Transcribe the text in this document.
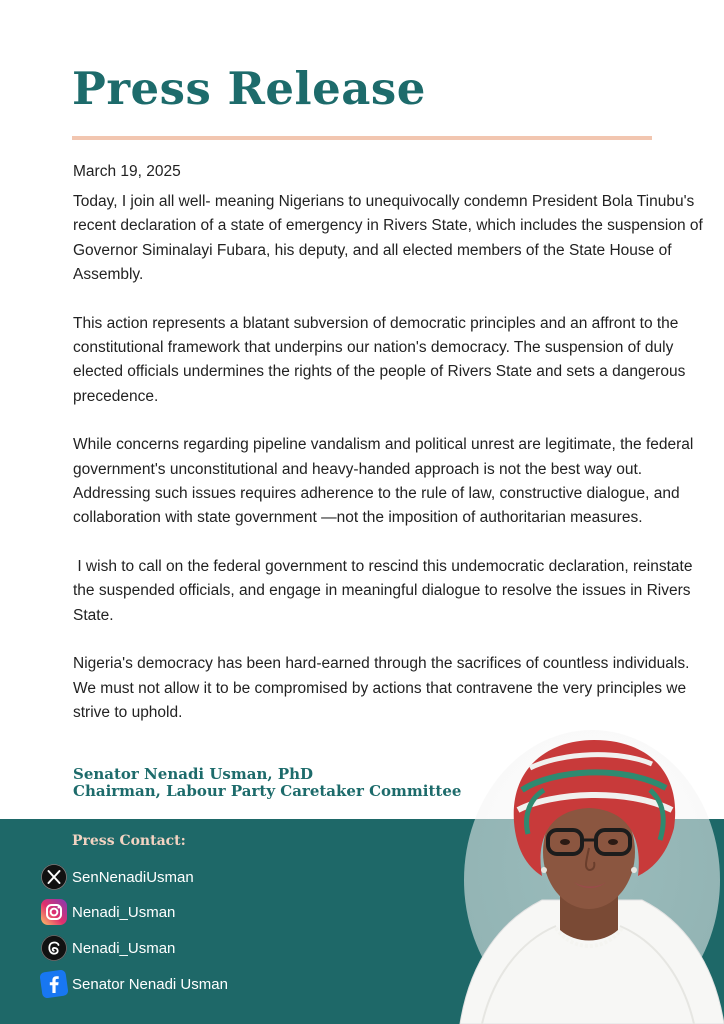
Press Release
March 19, 2025

Today, I join all well- meaning Nigerians to unequivocally condemn President Bola Tinubu's recent declaration of a state of emergency in Rivers State, which includes the suspension of Governor Siminalayi Fubara, his deputy, and all elected members of the State House of Assembly.

This action represents a blatant subversion of democratic principles and an affront to the constitutional framework that underpins our nation's democracy. The suspension of duly elected officials undermines the rights of the people of Rivers State and sets a dangerous precedence.

While concerns regarding pipeline vandalism and political unrest are legitimate, the federal government's unconstitutional and heavy-handed approach is not the best way out. Addressing such issues requires adherence to the rule of law, constructive dialogue, and collaboration with state government —not the imposition of authoritarian measures.

I wish to call on the federal government to rescind this undemocratic declaration, reinstate the suspended officials, and engage in meaningful dialogue to resolve the issues in Rivers State.

Nigeria's democracy has been hard-earned through the sacrifices of countless individuals. We must not allow it to be compromised by actions that contravene the very principles we strive to uphold.

Senator Nenadi Usman, PhD
Chairman, Labour Party Caretaker Committee
Press Contact:
SenNenadiUsman
Nenadi_Usman
Nenadi_Usman
Senator Nenadi Usman
